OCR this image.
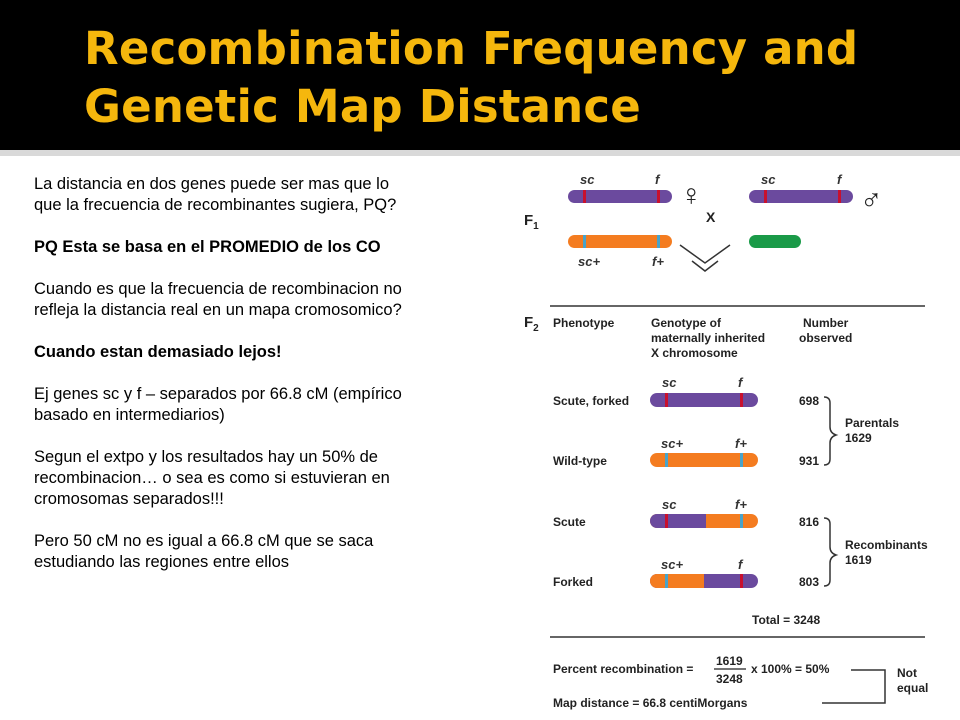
Recombination Frequency and
Genetic Map Distance

La distancia en dos genes puede ser mas que lo
que la frecuencia de recombinantes sugiera, PQ?

PQ Esta se basa en el PROMEDIO de los CO

Cuando es que la frecuencia de recombinacion no
refleja la distancia real en un mapa cromosomico?

Cuando estan demasiado lejos!

Ej genes sc y f – separados por 66.8 cM (empírico
basado en intermediarios)

Segun el extpo y los resultados hay un 50% de
recombinacion… o sea es como si estuvieran en
cromosomas separados!!!

Pero 50 cM no es igual a 66.8 cM que se saca
estudiando las regiones entre ellos

$F_1$
sc	f
sc+	f+
♀
X
sc	f
♂
$F_2$ Phenotype	Genotype of
maternally inherited
X chromosome
Number
observed
sc	f
Scute, forked	698
sc+	f+
Wild-type	931
Parentals
1629
sc	f+
Scute	816
sc+	f
Forked	803
Recombinants
1619
Total = 3248
Percent recombination =
1619
3248
x 100% = 50%
Map distance = 66.8 centiMorgans
Not
equal
